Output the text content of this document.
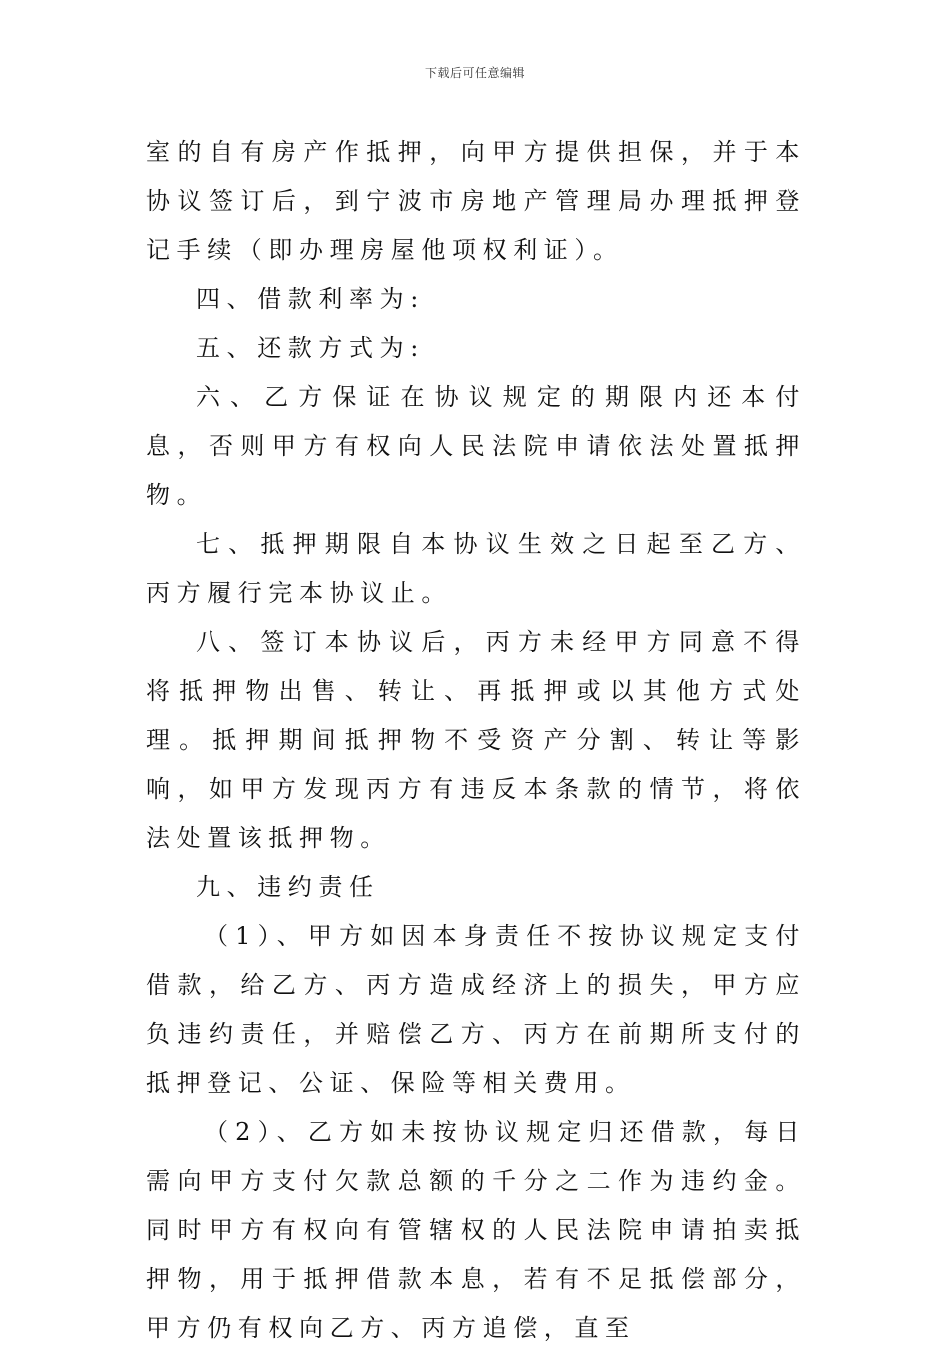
下载后可任意编辑

室的自有房产作抵押，向甲方提供担保，并于本协议签订后，到宁波市房地产管理局办理抵押登记手续（即办理房屋他项权利证）。

四、借款利率为:

五、还款方式为:

六、乙方保证在协议规定的期限内还本付息，否则甲方有权向人民法院申请依法处置抵押物。

七、抵押期限自本协议生效之日起至乙方、丙方履行完本协议止。

八、签订本协议后，丙方未经甲方同意不得将抵押物出售、转让、再抵押或以其他方式处理。抵押期间抵押物不受资产分割、转让等影响，如甲方发现丙方有违反本条款的情节，将依法处置该抵押物。

九、违约责任

（1）、甲方如因本身责任不按协议规定支付借款，给乙方、丙方造成经济上的损失，甲方应负违约责任，并赔偿乙方、丙方在前期所支付的抵押登记、公证、保险等相关费用。

（2）、乙方如未按协议规定归还借款，每日需向甲方支付欠款总额的千分之二作为违约金。同时甲方有权向有管辖权的人民法院申请拍卖抵押物，用于抵押借款本息，若有不足抵偿部分，甲方仍有权向乙方、丙方追偿，直至
